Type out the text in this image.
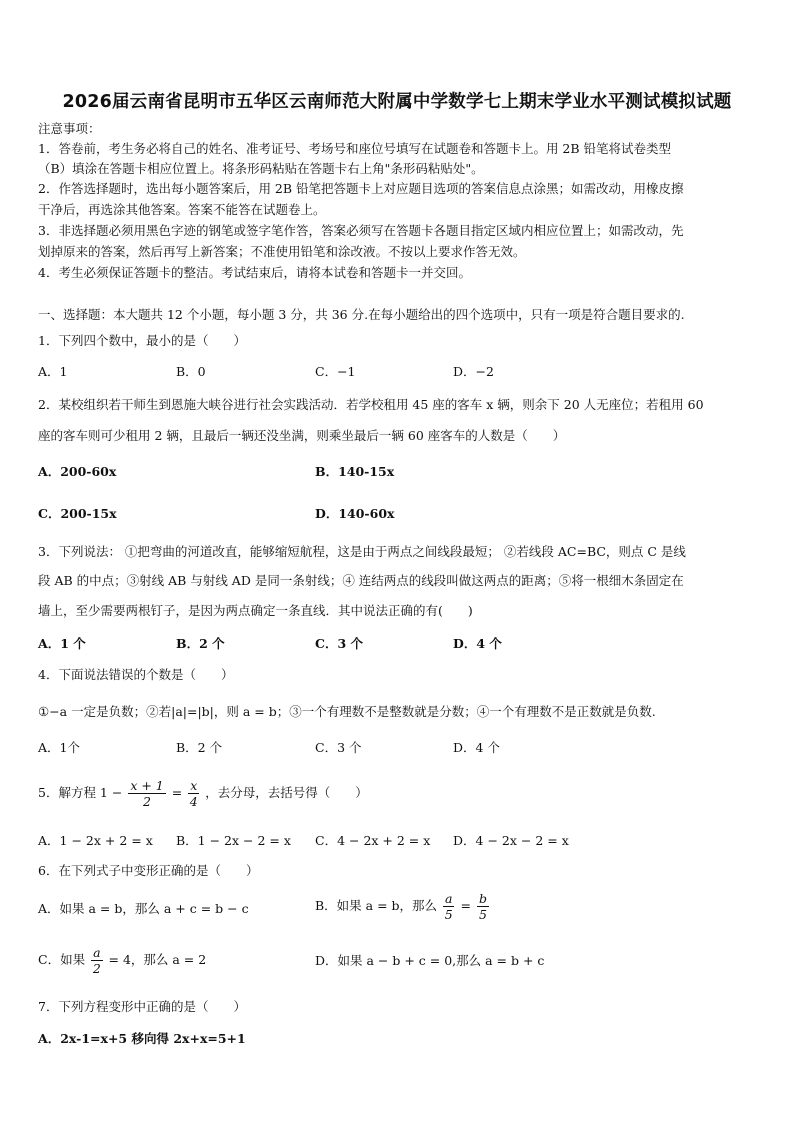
2026届云南省昆明市五华区云南师范大附属中学数学七上期末学业水平测试模拟试题
注意事项：
1．答卷前，考生务必将自己的姓名、准考证号、考场号和座位号填写在试题卷和答题卡上。用 2B 铅笔将试卷类型
（B）填涂在答题卡相应位置上。将条形码粘贴在答题卡右上角"条形码粘贴处"。
2．作答选择题时，选出每小题答案后，用 2B 铅笔把答题卡上对应题目选项的答案信息点涂黑；如需改动，用橡皮擦
干净后，再选涂其他答案。答案不能答在试题卷上。
3．非选择题必须用黑色字迹的钢笔或签字笔作答，答案必须写在答题卡各题目指定区域内相应位置上；如需改动，先
划掉原来的答案，然后再写上新答案；不准使用铅笔和涂改液。不按以上要求作答无效。
4．考生必须保证答题卡的整洁。考试结束后，请将本试卷和答题卡一并交回。
一、选择题：本大题共 12 个小题，每小题 3 分，共 36 分.在每小题给出的四个选项中，只有一项是符合题目要求的.
1．下列四个数中，最小的是（　　）
A．1	B．0	C．−1	D．−2
2．某校组织若干师生到恩施大峡谷进行社会实践活动．若学校租用 45 座的客车 x 辆，则余下 20 人无座位；若租用 60
座的客车则可少租用 2 辆，且最后一辆还没坐满，则乘坐最后一辆 60 座客车的人数是（　　）
A．200-60x	B．140-15x
C．200-15x	D．140-60x
3．下列说法： ①把弯曲的河道改直，能够缩短航程，这是由于两点之间线段最短； ②若线段 AC=BC，则点 C 是线
段 AB 的中点；③射线 AB 与射线 AD 是同一条射线；④ 连结两点的线段叫做这两点的距离；⑤将一根细木条固定在
墙上，至少需要两根钉子，是因为两点确定一条直线．其中说法正确的有(　　)
A．1 个	B．2 个	C．3 个	D．4 个
4．下面说法错误的个数是（　　）
①−a 一定是负数；②若|a|=|b|，则 a = b；③一个有理数不是整数就是分数；④一个有理数不是正数就是负数.
A．1个	B．2 个	C．3 个	D．4 个
5．解方程 $1 - \frac{x + 1}{2} = \frac{x}{4}$ ，去分母，去括号得（　　）
A．1 − 2x + 2 = x B．1 − 2x − 2 = x C．4 − 2x + 2 = x D．4 − 2x − 2 = x
6．在下列式子中变形正确的是（　　）
A．如果 a = b，那么 a + c = b − c	B．如果 a = b，那么 $\frac{a}{5} = \frac{b}{5}$
C．如果 $\frac{a}{2} = 4$，那么 a = 2	D．如果 a − b + c = 0,那么 a = b + c
7．下列方程变形中正确的是（　　）
A．2x-1=x+5 移向得 2x+x=5+1
